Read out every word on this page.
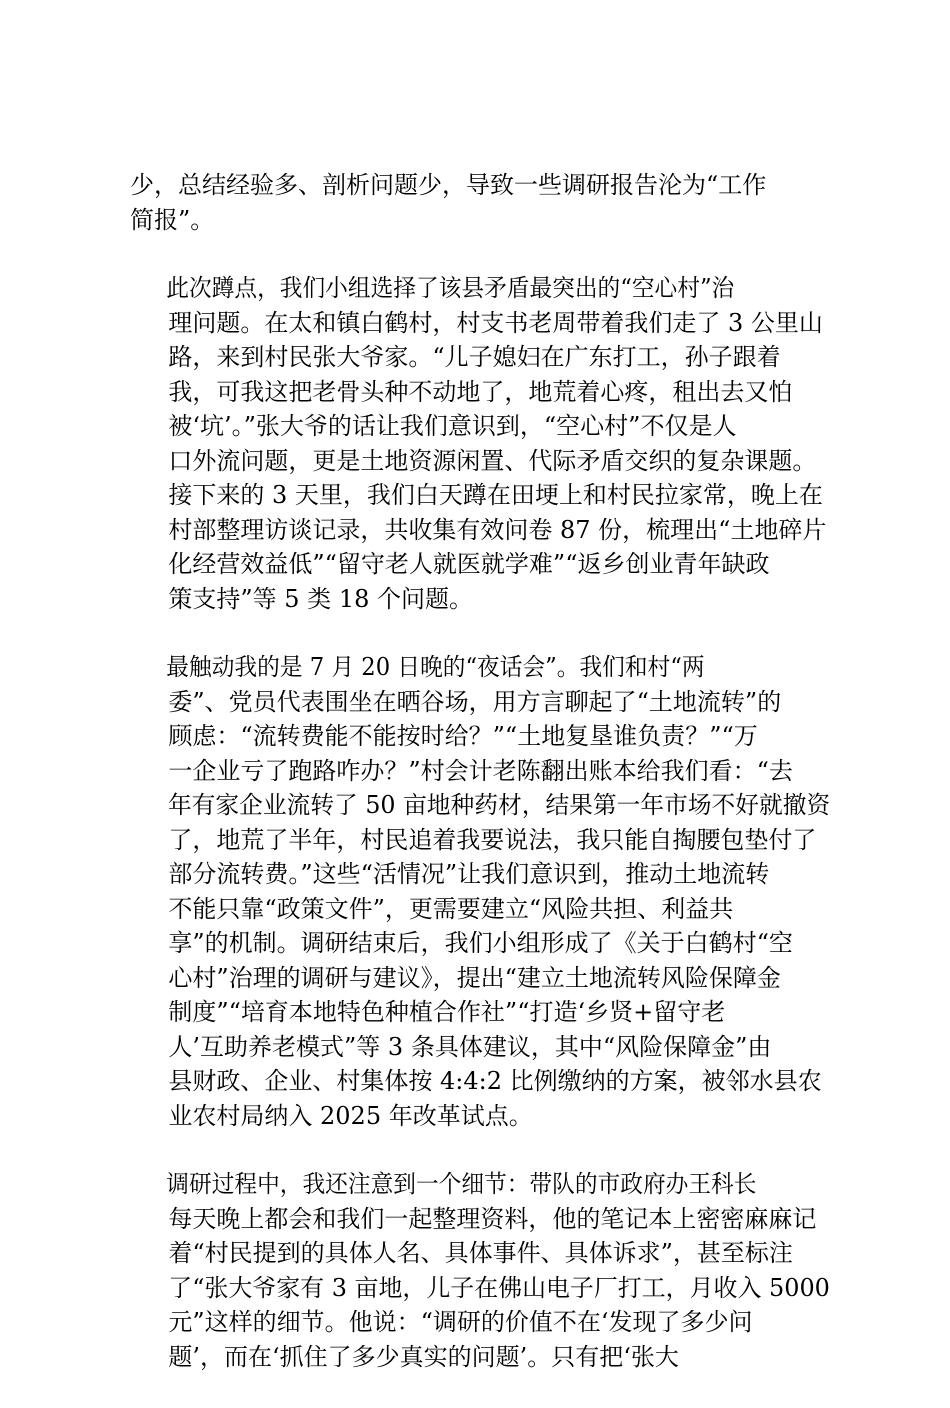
少，总结经验多、剖析问题少，导致一些调研报告沦为“工作
简报”。
此次蹲点，我们小组选择了该县矛盾最突出的“空心村”治
理问题。在太和镇白鹤村，村支书老周带着我们走了 3 公里山
路，来到村民张大爷家。“儿子媳妇在广东打工，孙子跟着
我，可我这把老骨头种不动地了，地荒着心疼，租出去又怕
被‘坑’。”张大爷的话让我们意识到，“空心村”不仅是人
口外流问题，更是土地资源闲置、代际矛盾交织的复杂课题。
接下来的 3 天里，我们白天蹲在田埂上和村民拉家常，晚上在
村部整理访谈记录，共收集有效问卷 87 份，梳理出“土地碎片
化经营效益低”“留守老人就医就学难”“返乡创业青年缺政
策支持”等 5 类 18 个问题。
最触动我的是 7 月 20 日晚的“夜话会”。我们和村“两
委”、党员代表围坐在晒谷场，用方言聊起了“土地流转”的
顾虑：“流转费能不能按时给？”“土地复垦谁负责？”“万
一企业亏了跑路咋办？”村会计老陈翻出账本给我们看：“去
年有家企业流转了 50 亩地种药材，结果第一年市场不好就撤资
了，地荒了半年，村民追着我要说法，我只能自掏腰包垫付了
部分流转费。”这些“活情况”让我们意识到，推动土地流转
不能只靠“政策文件”，更需要建立“风险共担、利益共
享”的机制。调研结束后，我们小组形成了《关于白鹤村“空
心村”治理的调研与建议》，提出“建立土地流转风险保障金
制度”“培育本地特色种植合作社”“打造‘乡贤+留守老
人’互助养老模式”等 3 条具体建议，其中“风险保障金”由
县财政、企业、村集体按 4:4:2 比例缴纳的方案，被邻水县农
业农村局纳入 2025 年改革试点。
调研过程中，我还注意到一个细节：带队的市政府办王科长
每天晚上都会和我们一起整理资料，他的笔记本上密密麻麻记
着“村民提到的具体人名、具体事件、具体诉求”，甚至标注
了“张大爷家有 3 亩地，儿子在佛山电子厂打工，月收入 5000
元”这样的细节。他说：“调研的价值不在‘发现了多少问
题’，而在‘抓住了多少真实的问题’。只有把‘张大
